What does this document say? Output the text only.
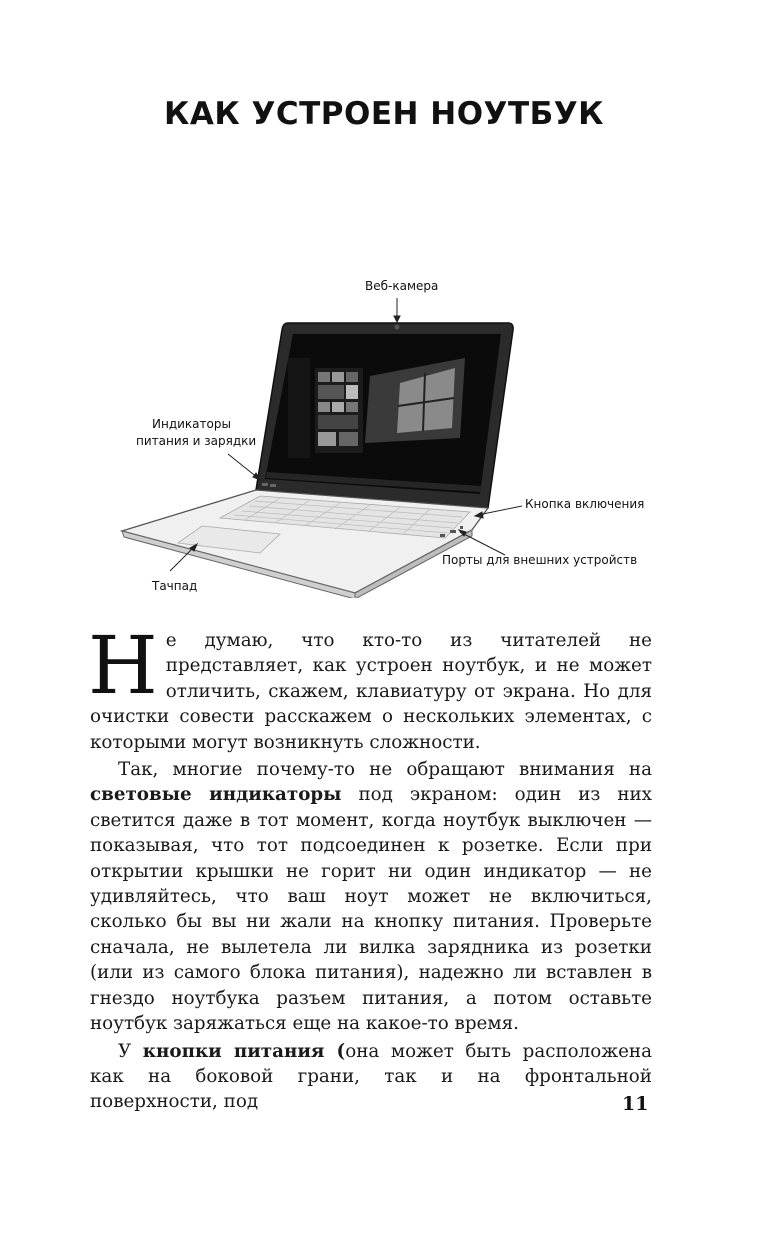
КАК УСТРОЕН НОУТБУК
Веб-камера
Индикаторы
питания и зарядки
Кнопка включения
Порты для внешних устройств
Тачпад

Не думаю, что кто-то из читателей не представляет, как устроен ноутбук, и не может отличить, скажем, клавиатуру от экрана. Но для очистки совести расскажем о нескольких элементах, с которыми могут возникнуть сложности.

Так, многие почему-то не обращают внимания на световые индикаторы под экраном: один из них светится даже в тот момент, когда ноутбук выключен — показывая, что тот подсоединен к розетке. Если при открытии крышки не горит ни один индикатор — не удивляйтесь, что ваш ноут может не включиться, сколько бы вы ни жали на кнопку питания. Проверьте сначала, не вылетела ли вилка зарядника из розетки (или из самого блока питания), надежно ли вставлен в гнездо ноутбука разъем питания, а потом оставьте ноутбук заряжаться еще на какое-то время.

У кнопки питания (она может быть расположена как на боковой грани, так и на фронтальной поверхности, под	11
